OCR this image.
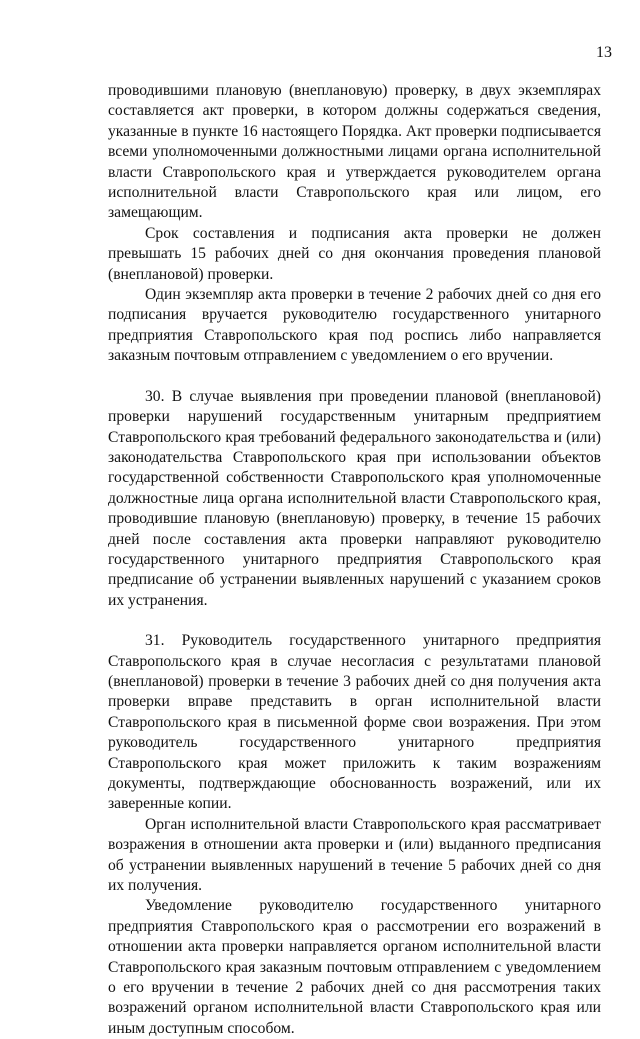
13

проводившими плановую (внеплановую) проверку, в двух экземплярах составляется акт проверки, в котором должны содержаться сведения, указанные в пункте 16 настоящего Порядка. Акт проверки подписывается всеми уполномоченными должностными лицами органа исполнительной власти Ставропольского края и утверждается руководителем органа исполнительной власти Ставропольского края или лицом, его замещающим.

Срок составления и подписания акта проверки не должен превышать 15 рабочих дней со дня окончания проведения плановой (внеплановой) проверки.

Один экземпляр акта проверки в течение 2 рабочих дней со дня его подписания вручается руководителю государственного унитарного предприятия Ставропольского края под роспись либо направляется заказным почтовым отправлением с уведомлением о его вручении.

30. В случае выявления при проведении плановой (внеплановой) проверки нарушений государственным унитарным предприятием Ставропольского края требований федерального законодательства и (или) законодательства Ставропольского края при использовании объектов государственной собственности Ставропольского края уполномоченные должностные лица органа исполнительной власти Ставропольского края, проводившие плановую (внеплановую) проверку, в течение 15 рабочих дней после составления акта проверки направляют руководителю государственного унитарного предприятия Ставропольского края предписание об устранении выявленных нарушений с указанием сроков их устранения.

31. Руководитель государственного унитарного предприятия Ставропольского края в случае несогласия с результатами плановой (внеплановой) проверки в течение 3 рабочих дней со дня получения акта проверки вправе представить в орган исполнительной власти Ставропольского края в письменной форме свои возражения. При этом руководитель государственного унитарного предприятия Ставропольского края может приложить к таким возражениям документы, подтверждающие обоснованность возражений, или их заверенные копии.

Орган исполнительной власти Ставропольского края рассматривает возражения в отношении акта проверки и (или) выданного предписания об устранении выявленных нарушений в течение 5 рабочих дней со дня их получения.

Уведомление руководителю государственного унитарного предприятия Ставропольского края о рассмотрении его возражений в отношении акта проверки направляется органом исполнительной власти Ставропольского края заказным почтовым отправлением с уведомлением о его вручении в течение 2 рабочих дней со дня рассмотрения таких возражений органом исполнительной власти Ставропольского края или иным доступным способом.
